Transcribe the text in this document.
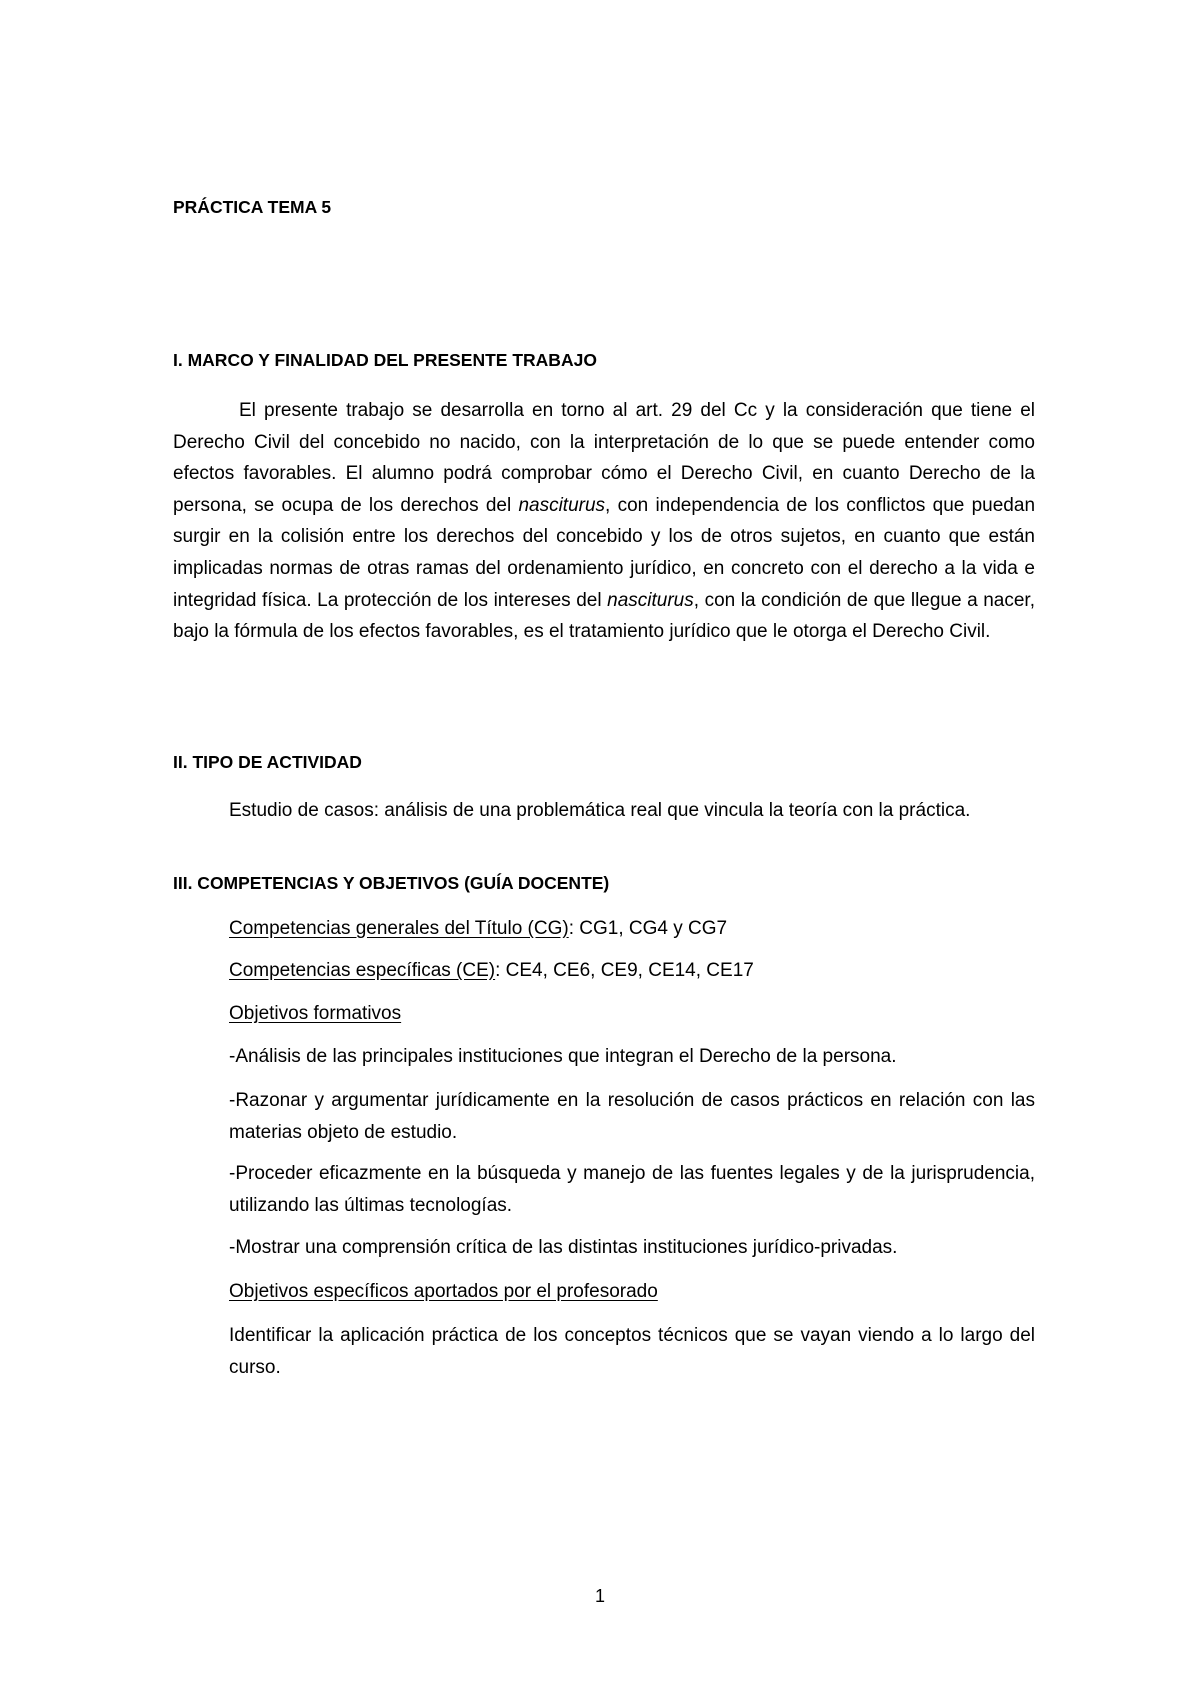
PRÁCTICA TEMA 5

I. MARCO Y FINALIDAD DEL PRESENTE TRABAJO

El presente trabajo se desarrolla en torno al art. 29 del Cc y la consideración que tiene el Derecho Civil del concebido no nacido, con la interpretación de lo que se puede entender como efectos favorables. El alumno podrá comprobar cómo el Derecho Civil, en cuanto Derecho de la persona, se ocupa de los derechos del nasciturus, con independencia de los conflictos que puedan surgir en la colisión entre los derechos del concebido y los de otros sujetos, en cuanto que están implicadas normas de otras ramas del ordenamiento jurídico, en concreto con el derecho a la vida e integridad física. La protección de los intereses del nasciturus, con la condición de que llegue a nacer, bajo la fórmula de los efectos favorables, es el tratamiento jurídico que le otorga el Derecho Civil.

II. TIPO DE ACTIVIDAD

Estudio de casos: análisis de una problemática real que vincula la teoría con la práctica.

III. COMPETENCIAS Y OBJETIVOS (GUÍA DOCENTE)

Competencias generales del Título (CG): CG1, CG4 y CG7

Competencias específicas (CE): CE4, CE6, CE9, CE14, CE17

Objetivos formativos

-Análisis de las principales instituciones que integran el Derecho de la persona.

-Razonar y argumentar jurídicamente en la resolución de casos prácticos en relación con las materias objeto de estudio.

-Proceder eficazmente en la búsqueda y manejo de las fuentes legales y de la jurisprudencia, utilizando las últimas tecnologías.

-Mostrar una comprensión crítica de las distintas instituciones jurídico-privadas.

Objetivos específicos aportados por el profesorado

Identificar la aplicación práctica de los conceptos técnicos que se vayan viendo a lo largo del curso.

1
